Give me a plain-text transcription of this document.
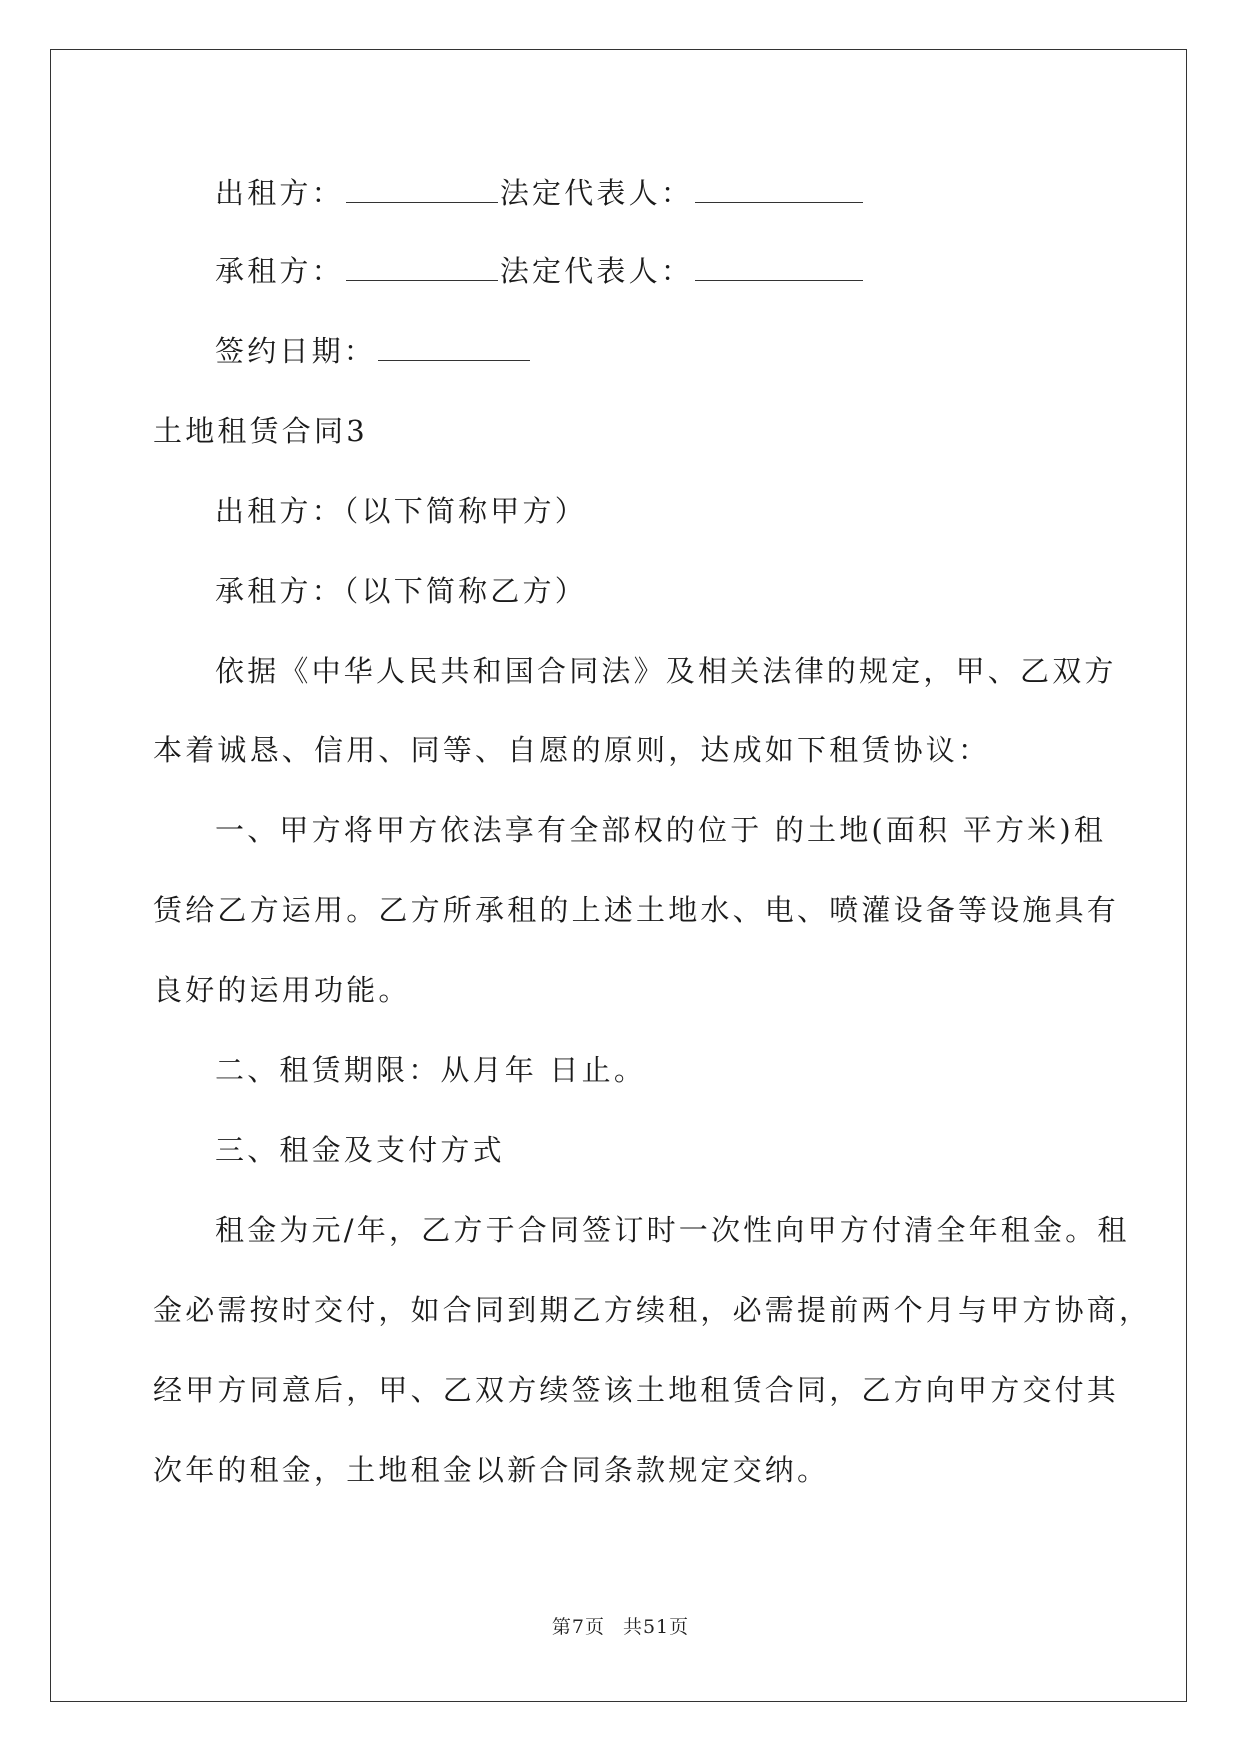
出租方：	法定代表人：
承租方：	法定代表人：
签约日期：
土地租赁合同3
出租方：（以下简称甲方）
承租方：（以下简称乙方）
依据《中华人民共和国合同法》及相关法律的规定，甲、乙双方
本着诚恳、信用、同等、自愿的原则，达成如下租赁协议：
一、甲方将甲方依法享有全部权的位于 的土地(面积 平方米)租
赁给乙方运用。乙方所承租的上述土地水、电、喷灌设备等设施具有
良好的运用功能。
二、租赁期限：从月年 日止。
三、租金及支付方式
租金为元/年，乙方于合同签订时一次性向甲方付清全年租金。租
金必需按时交付，如合同到期乙方续租，必需提前两个月与甲方协商，
经甲方同意后，甲、乙双方续签该土地租赁合同，乙方向甲方交付其
次年的租金，土地租金以新合同条款规定交纳。
第7页 共51页
